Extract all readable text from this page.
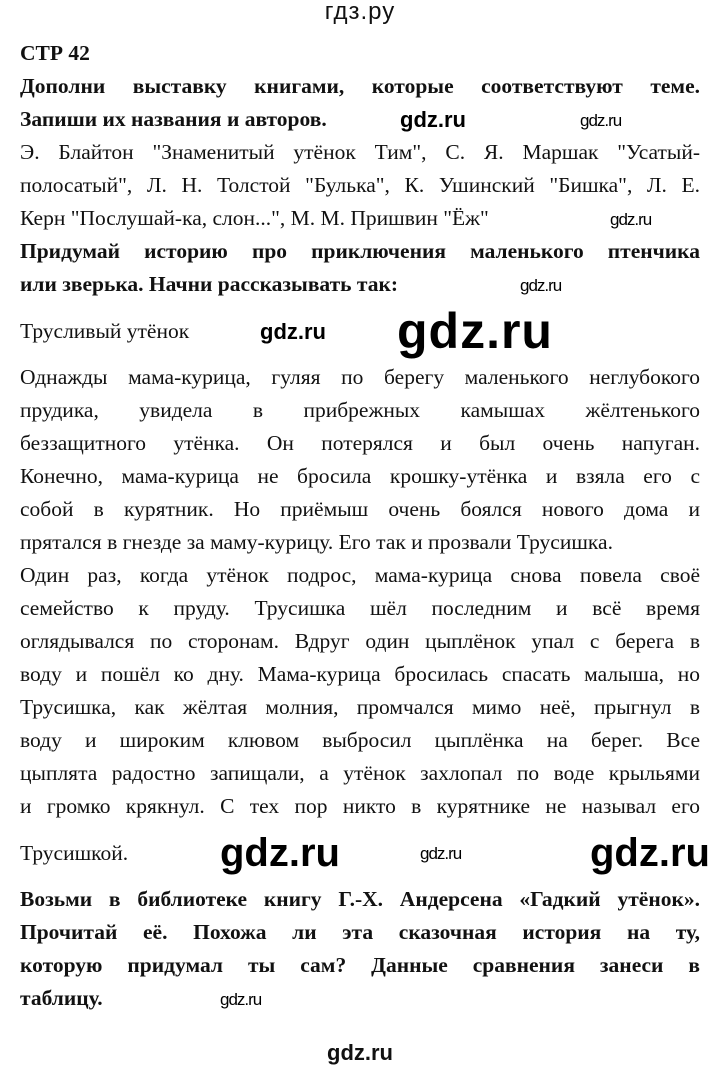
гдз.ру
СТР 42
Дополни выставку книгами, которые соответствуют теме.
Запиши их названия и авторов.	gdz.ru	gdz.ru
Э. Блайтон "Знаменитый утёнок Тим", С. Я. Маршак "Усатый-
полосатый", Л. Н. Толстой "Булька", К. Ушинский "Бишка", Л. Е.
Керн "Послушай-ка, слон...", М. М. Пришвин "Ёж"	gdz.ru
Придумай историю про приключения маленького птенчика
или зверька. Начни рассказывать так:	gdz.ru
Трусливый утёнок	gdz.ru gdz.ru
Однажды мама-курица, гуляя по берегу маленького неглубокого
прудика, увидела в прибрежных камышах жёлтенького
беззащитного утёнка. Он потерялся и был очень напуган.
Конечно, мама-курица не бросила крошку-утёнка и взяла его с
собой в курятник. Но приёмыш очень боялся нового дома и
прятался в гнезде за маму-курицу. Его так и прозвали Трусишка.
Один раз, когда утёнок подрос, мама-курица снова повела своё
семейство к пруду. Трусишка шёл последним и всё время
оглядывался по сторонам. Вдруг один цыплёнок упал с берега в
воду и пошёл ко дну. Мама-курица бросилась спасать малыша, но
Трусишка, как жёлтая молния, промчался мимо неё, прыгнул в
воду и широким клювом выбросил цыплёнка на берег. Все
цыплята радостно запищали, а утёнок захлопал по воде крыльями
и громко крякнул. С тех пор никто в курятнике не называл его
Трусишкой. gdz.ru	gdz.ru	gdz.ru
Возьми в библиотеке книгу Г.-Х. Андерсена «Гадкий утёнок».
Прочитай её. Похожа ли эта сказочная история на ту,
которую придумал ты сам? Данные сравнения занеси в
таблицу.	gdz.ru
gdz.ru
